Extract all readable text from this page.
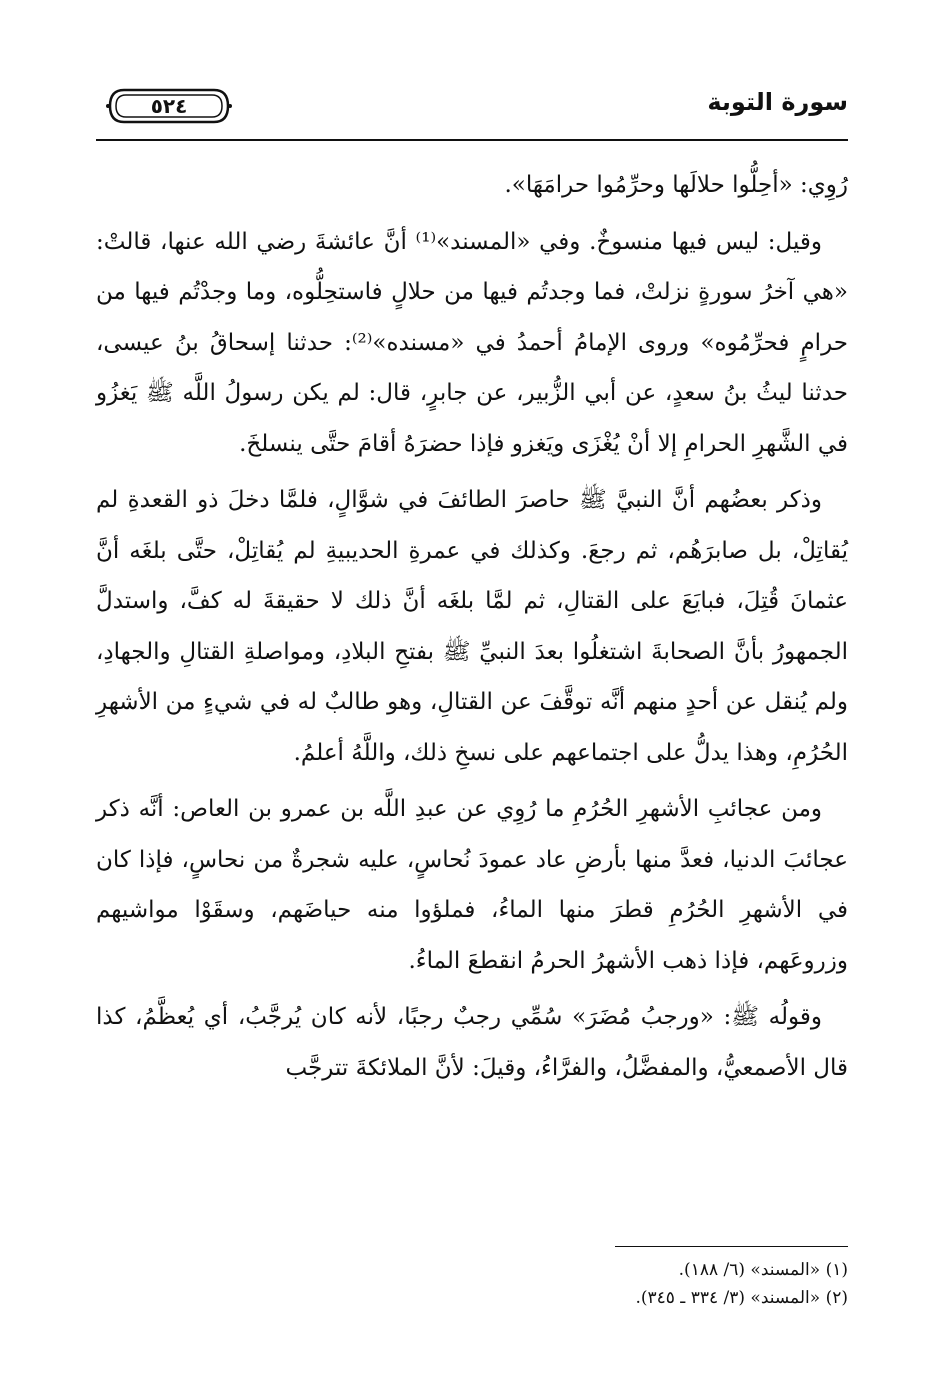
سورة التوبة
٥٢٤

رُوِي: «أحِلُّوا حلالَها وحرِّمُوا حرامَهَا».

وقيل: ليس فيها منسوخٌ. وفي «المسند»⁽¹⁾ أنَّ عائشةَ رضي الله عنها، قالتْ: «هي آخرُ سورةٍ نزلتْ، فما وجدتُم فيها من حلالٍ فاستحِلُّوه، وما وجدْتُم فيها من حرامٍ فحرِّمُوه» وروى الإمامُ أحمدُ في «مسنده»⁽²⁾: حدثنا إسحاقُ بنُ عيسى، حدثنا ليثُ بنُ سعدٍ، عن أبي الزُّبير، عن جابرٍ، قال: لم يكن رسولُ اللَّه ﷺ يَغزُو في الشَّهرِ الحرامِ إلا أنْ يُغْزَى ويَغزو فإذا حضرَهُ أقامَ حتَّى ينسلخَ.

وذكر بعضُهم أنَّ النبيَّ ﷺ حاصرَ الطائفَ في شوَّالٍ، فلمَّا دخلَ ذو القعدةِ لم يُقاتِلْ، بل صابرَهُم، ثم رجعَ. وكذلك في عمرةِ الحديبيةِ لم يُقاتِلْ، حتَّى بلغَه أنَّ عثمانَ قُتِلَ، فبايَعَ على القتالِ، ثم لمَّا بلغَه أنَّ ذلك لا حقيقةَ له كفَّ، واستدلَّ الجمهورُ بأنَّ الصحابةَ اشتغلُوا بعدَ النبيِّ ﷺ بفتحِ البلادِ، ومواصلةِ القتالِ والجهادِ، ولم يُنقل عن أحدٍ منهم أنَّه توقَّفَ عن القتالِ، وهو طالبٌ له في شيءٍ من الأشهرِ الحُرُمِ، وهذا يدلُّ على اجتماعهم على نسخِ ذلك، واللَّهُ أعلمُ.

ومن عجائبِ الأشهرِ الحُرُمِ ما رُوِي عن عبدِ اللَّه بن عمرو بن العاص: أنَّه ذكر عجائبَ الدنيا، فعدَّ منها بأرضِ عاد عمودَ نُحاسٍ، عليه شجرةٌ من نحاسٍ، فإذا كان في الأشهرِ الحُرُمِ قطرَ منها الماءُ، فملؤوا منه حياضَهم، وسقَوْا مواشيهم وزروعَهم، فإذا ذهب الأشهرُ الحرمُ انقطعَ الماءُ.

وقولُه ﷺ: «ورجبُ مُضَرَ» سُمِّي رجبٌ رجبًا، لأنه كان يُرجَّبُ، أي يُعظَّمُ، كذا قال الأصمعيُّ، والمفضَّلُ، والفرَّاءُ، وقيلَ: لأنَّ الملائكةَ تترجَّب

(١) «المسند» (٦/ ١٨٨).
(٢) «المسند» (٣/ ٣٣٤ ـ ٣٤٥).
